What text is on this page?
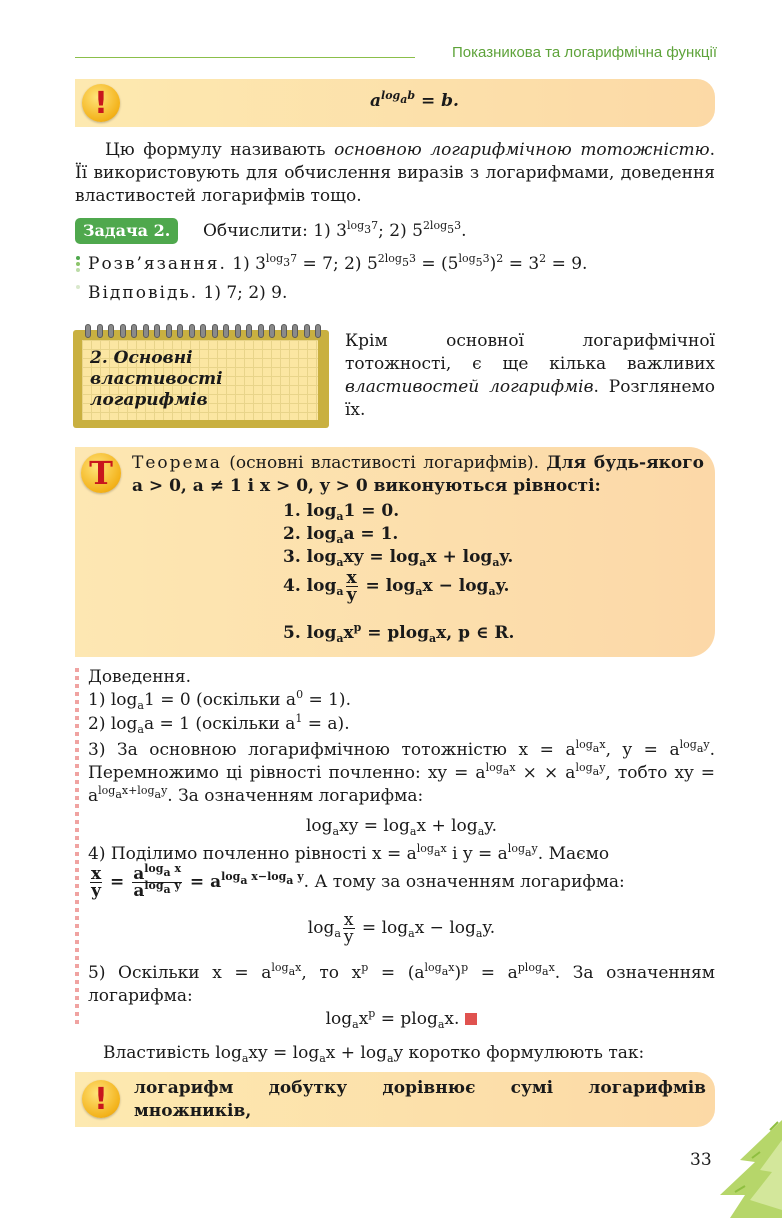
Показникова та логарифмічна функції
!	$a^{log_ab} = b$.
Цю формулу називають основною логарифмічною тотожністю. Її використовують для обчислення виразів з логарифмами, доведення властивостей логарифмів тощо.
Задача 2.	Обчислити: 1) $3^{log_37}$; 2) $5^{2log_53}$.
Розв’язання. 1) $3^{log_37} = 7$; 2) $5^{2log_53} = (5^{log_53})^2 = 3^2 = 9$.
Відповідь. 1) 7; 2) 9.
2. Основні
властивості
логарифмів
Крім основної логарифмічної тотожності, є ще кілька важливих властивостей логарифмів. Розглянемо їх.
T	Теорема (основні властивості логарифмів). Для будь-якого a > 0, a ≠ 1 і x > 0, y > 0 виконуються рівності:
1. $\log_a1 = 0$.
2. $\log_aa = 1$.
3. $\log_axy = \log_ax + \log_ay$.
4. $\log_a \frac{x}{y} = \log_ax - \log_ay$.
5. $\log_ax^p = plog_ax$, p ∈ R.
Доведення.
1) $\log_a1 = 0$ (оскільки $a^0 = 1$).
2) $\log_aa = 1$ (оскільки $a^1 = a$).
3) За основною логарифмічною тотожністю $x = a^{log_ax}$, $y = a^{log_ay}$. Перемножимо ці рівності почленно: xy = $a^{log_ax}$ × × $a^{log_ay}$, тобто xy = $a^{log_ax+log_ay}$. За означенням логарифма:
$\log_axy = \log_ax + \log_ay$.
4) Поділимо почленно рівності $x = a^{log_ax}$ і $y = a^{log_ay}$. Маємо
$\frac{x}{y} = \frac{a^{log_a x}}{a^{log_a y}} = a^{log_a x-log_a y}$. А тому за означенням логарифма:
$\log_a \frac{x}{y} = \log_ax - \log_ay$.
5) Оскільки $x = a^{log_ax}$, то $x^p = (a^{log_ax})^p = a^{plog_ax}$. За означенням логарифма:
$\log_ax^p = plog_ax$.
Властивість $\log_axy = \log_ax + \log_ay$ коротко формулюють так:
!	логарифм добутку дорівнює сумі логарифмів множників,
33
